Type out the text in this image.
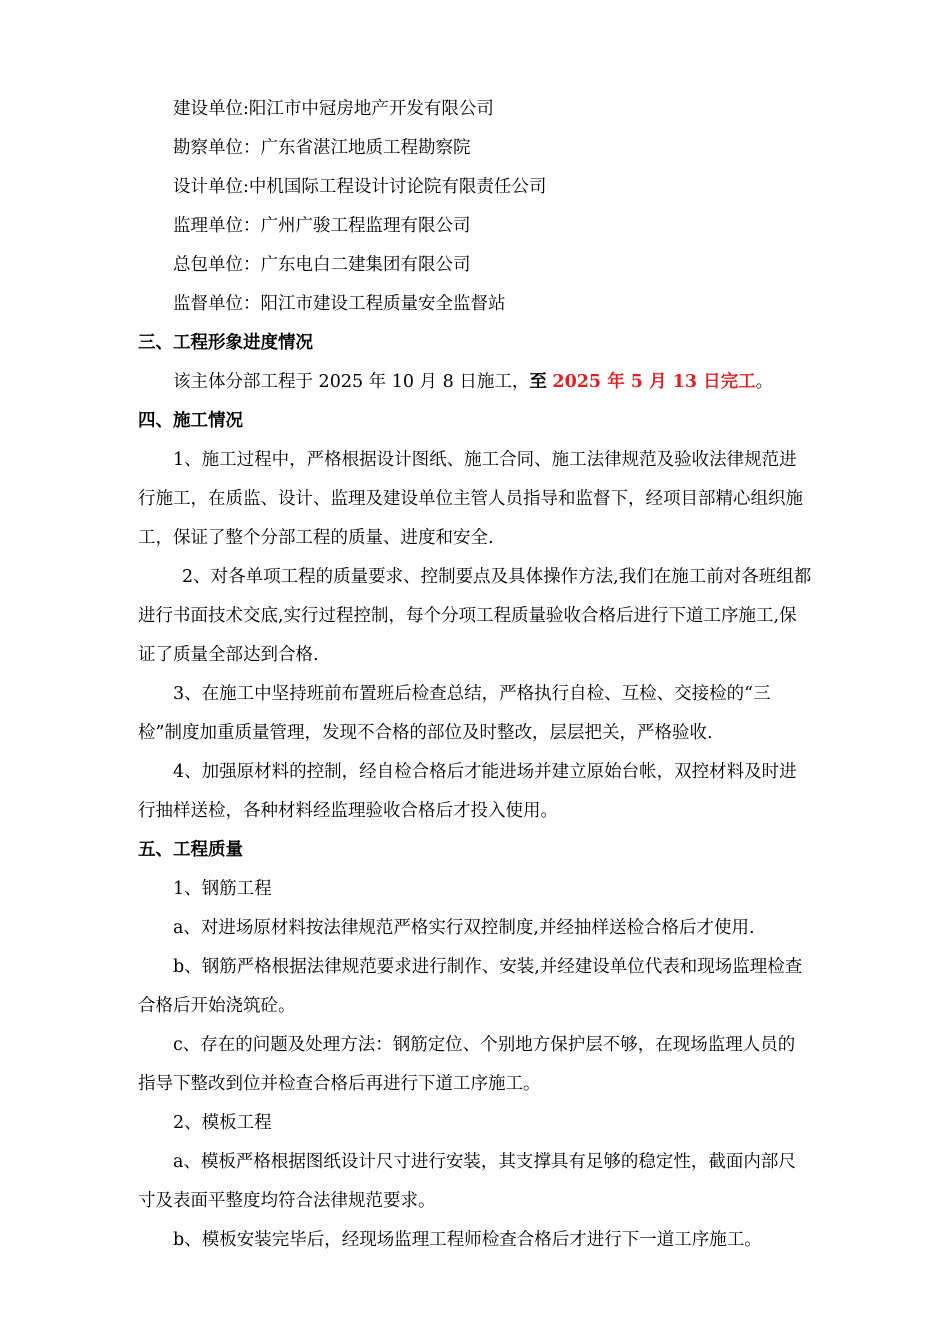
建设单位:阳江市中冠房地产开发有限公司
勘察单位：广东省湛江地质工程勘察院
设计单位:中机国际工程设计讨论院有限责任公司
监理单位：广州广骏工程监理有限公司
总包单位：广东电白二建集团有限公司
监督单位：阳江市建设工程质量安全监督站
三、工程形象进度情况
该主体分部工程于 2025 年 10 月 8 日施工，至 2025 年 5 月 13 日完工。
四、施工情况
1、施工过程中，严格根据设计图纸、施工合同、施工法律规范及验收法律规范进
行施工，在质监、设计、监理及建设单位主管人员指导和监督下，经项目部精心组织施
工，保证了整个分部工程的质量、进度和安全.
2、对各单项工程的质量要求、控制要点及具体操作方法,我们在施工前对各班组都
进行书面技术交底,实行过程控制，每个分项工程质量验收合格后进行下道工序施工,保
证了质量全部达到合格.
3、在施工中坚持班前布置班后检查总结，严格执行自检、互检、交接检的“三
检”制度加重质量管理，发现不合格的部位及时整改，层层把关，严格验收.
4、加强原材料的控制，经自检合格后才能进场并建立原始台帐，双控材料及时进
行抽样送检，各种材料经监理验收合格后才投入使用。
五、工程质量
1、钢筋工程
a、对进场原材料按法律规范严格实行双控制度,并经抽样送检合格后才使用.
b、钢筋严格根据法律规范要求进行制作、安装,并经建设单位代表和现场监理检查
合格后开始浇筑砼。
c、存在的问题及处理方法：钢筋定位、个别地方保护层不够，在现场监理人员的
指导下整改到位并检查合格后再进行下道工序施工。
2、模板工程
a、模板严格根据图纸设计尺寸进行安装，其支撑具有足够的稳定性，截面内部尺
寸及表面平整度均符合法律规范要求。
b、模板安装完毕后，经现场监理工程师检查合格后才进行下一道工序施工。
